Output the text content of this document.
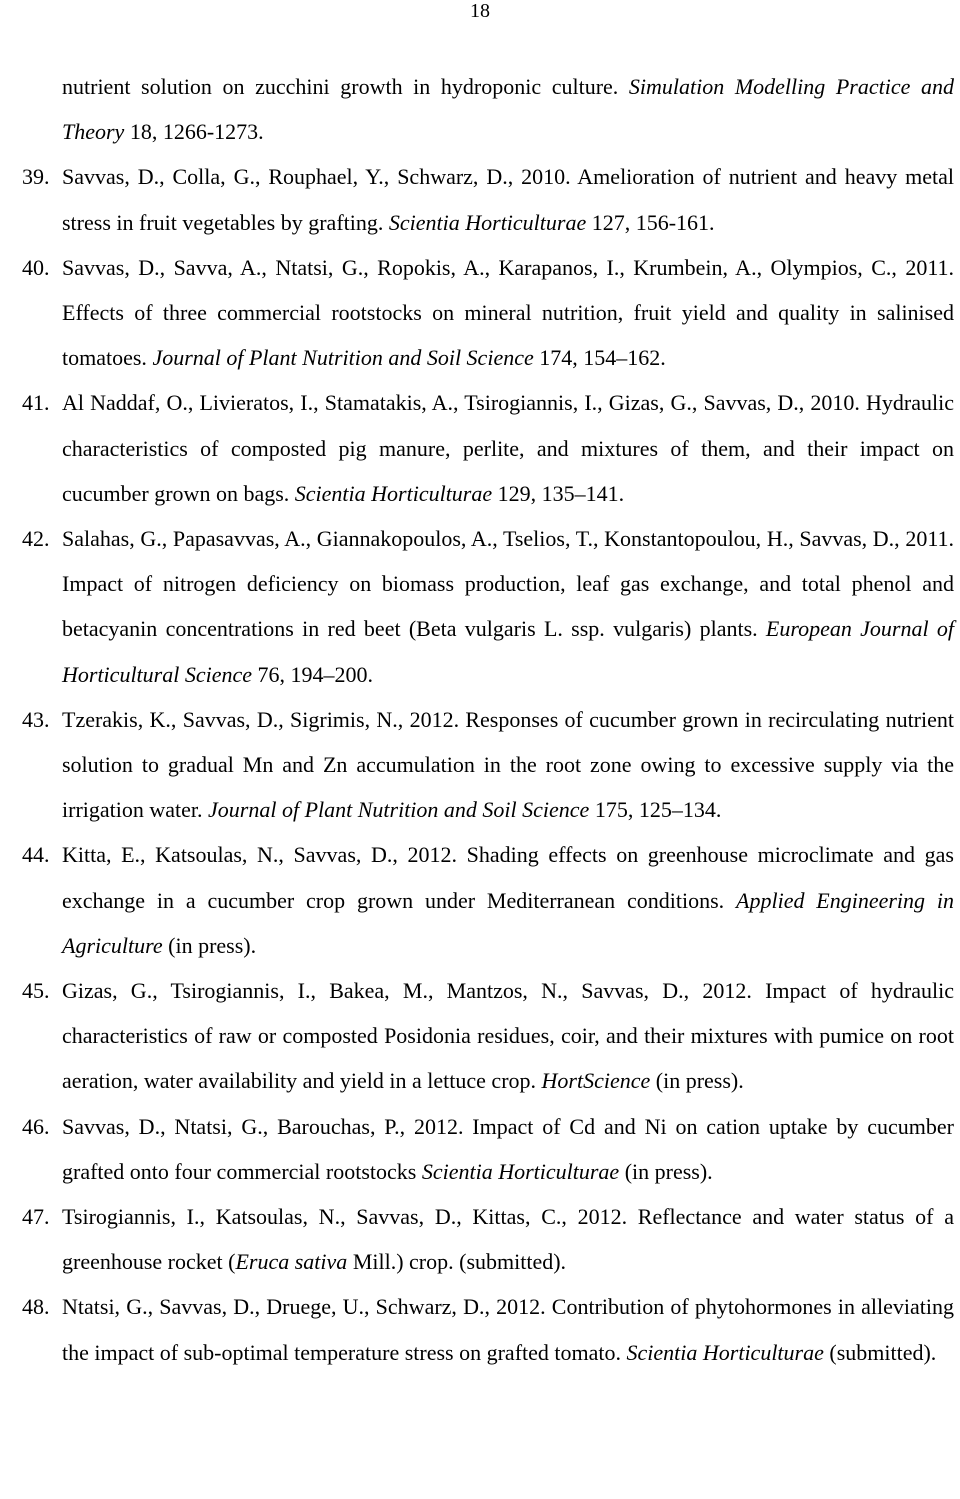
18
nutrient solution on zucchini growth in hydroponic culture. Simulation Modelling Practice and Theory 18, 1266-1273.
39. Savvas, D., Colla, G., Rouphael, Y., Schwarz, D., 2010. Amelioration of nutrient and heavy metal stress in fruit vegetables by grafting. Scientia Horticulturae 127, 156-161.
40. Savvas, D., Savva, A., Ntatsi, G., Ropokis, A., Karapanos, I., Krumbein, A., Olympios, C., 2011. Effects of three commercial rootstocks on mineral nutrition, fruit yield and quality in salinised tomatoes. Journal of Plant Nutrition and Soil Science 174, 154–162.
41. Al Naddaf, O., Livieratos, I., Stamatakis, A., Tsirogiannis, I., Gizas, G., Savvas, D., 2010. Hydraulic characteristics of composted pig manure, perlite, and mixtures of them, and their impact on cucumber grown on bags. Scientia Horticulturae 129, 135–141.
42. Salahas, G., Papasavvas, A., Giannakopoulos, A., Tselios, T., Konstantopoulou, H., Savvas, D., 2011. Impact of nitrogen deficiency on biomass production, leaf gas exchange, and total phenol and betacyanin concentrations in red beet (Beta vulgaris L. ssp. vulgaris) plants. European Journal of Horticultural Science 76, 194–200.
43. Tzerakis, K., Savvas, D., Sigrimis, N., 2012. Responses of cucumber grown in recirculating nutrient solution to gradual Mn and Zn accumulation in the root zone owing to excessive supply via the irrigation water. Journal of Plant Nutrition and Soil Science 175, 125–134.
44. Kitta, E., Katsoulas, N., Savvas, D., 2012. Shading effects on greenhouse microclimate and gas exchange in a cucumber crop grown under Mediterranean conditions. Applied Engineering in Agriculture (in press).
45. Gizas, G., Tsirogiannis, I., Bakea, M., Mantzos, N., Savvas, D., 2012. Impact of hydraulic characteristics of raw or composted Posidonia residues, coir, and their mixtures with pumice on root aeration, water availability and yield in a lettuce crop. HortScience (in press).
46. Savvas, D., Ntatsi, G., Barouchas, P., 2012. Impact of Cd and Ni on cation uptake by cucumber grafted onto four commercial rootstocks Scientia Horticulturae (in press).
47. Tsirogiannis, I., Katsoulas, N., Savvas, D., Kittas, C., 2012. Reflectance and water status of a greenhouse rocket (Eruca sativa Mill.) crop. (submitted).
48. Ntatsi, G., Savvas, D., Druege, U., Schwarz, D., 2012. Contribution of phytohormones in alleviating the impact of sub-optimal temperature stress on grafted tomato. Scientia Horticulturae (submitted).
